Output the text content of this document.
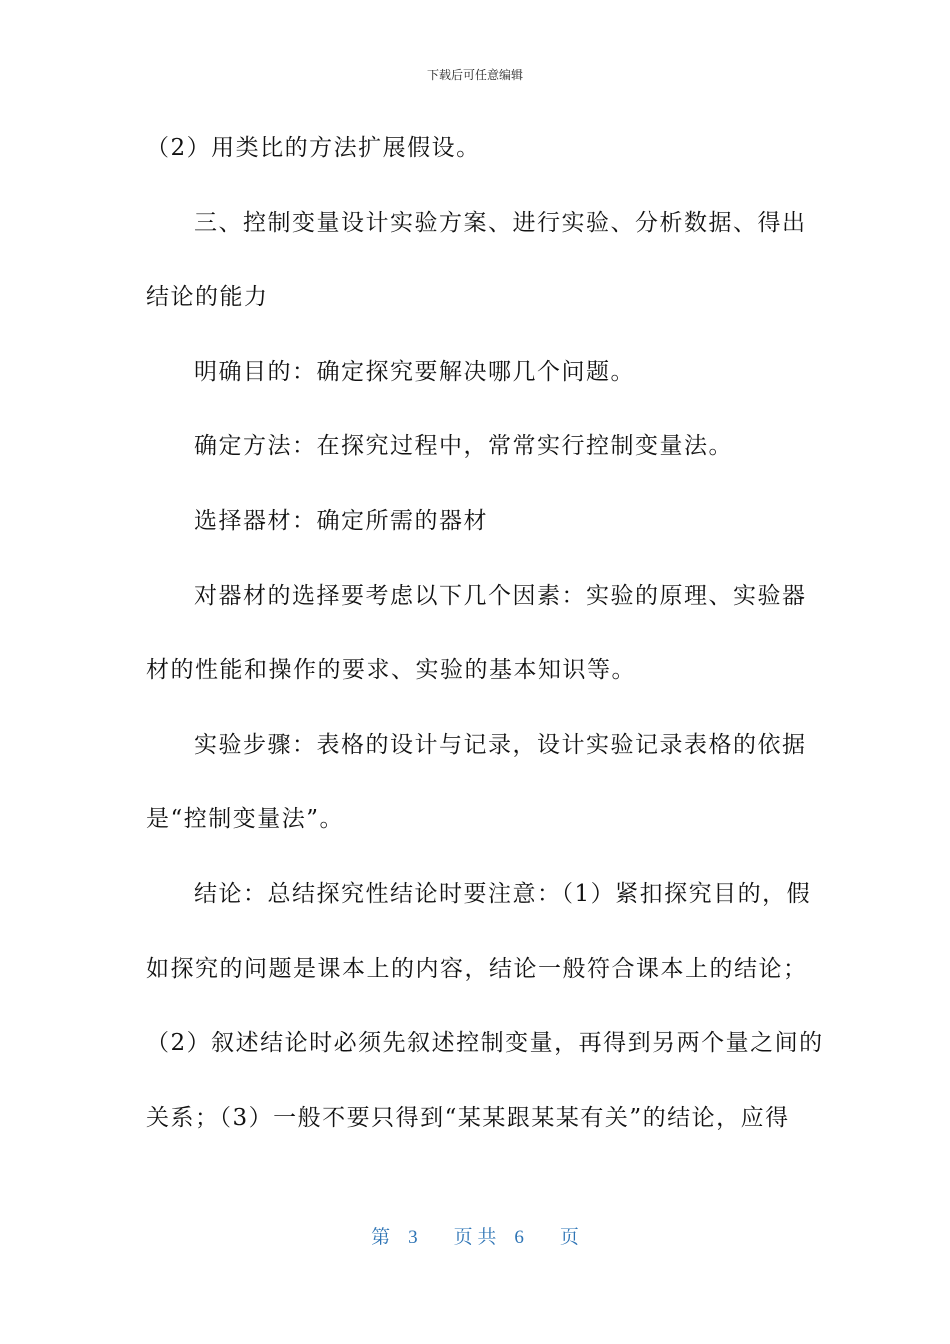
下载后可任意编辑
（2）用类比的方法扩展假设。
三、控制变量设计实验方案、进行实验、分析数据、得出
结论的能力
明确目的：确定探究要解决哪几个问题。
确定方法：在探究过程中，常常实行控制变量法。
选择器材：确定所需的器材
对器材的选择要考虑以下几个因素：实验的原理、实验器
材的性能和操作的要求、实验的基本知识等。
实验步骤：表格的设计与记录，设计实验记录表格的依据
是“控制变量法”。
结论：总结探究性结论时要注意：（1）紧扣探究目的，假
如探究的问题是课本上的内容，结论一般符合课本上的结论；
（2）叙述结论时必须先叙述控制变量，再得到另两个量之间的
关系；（3）一般不要只得到“某某跟某某有关”的结论，应得
第 3 页 共 6 页
